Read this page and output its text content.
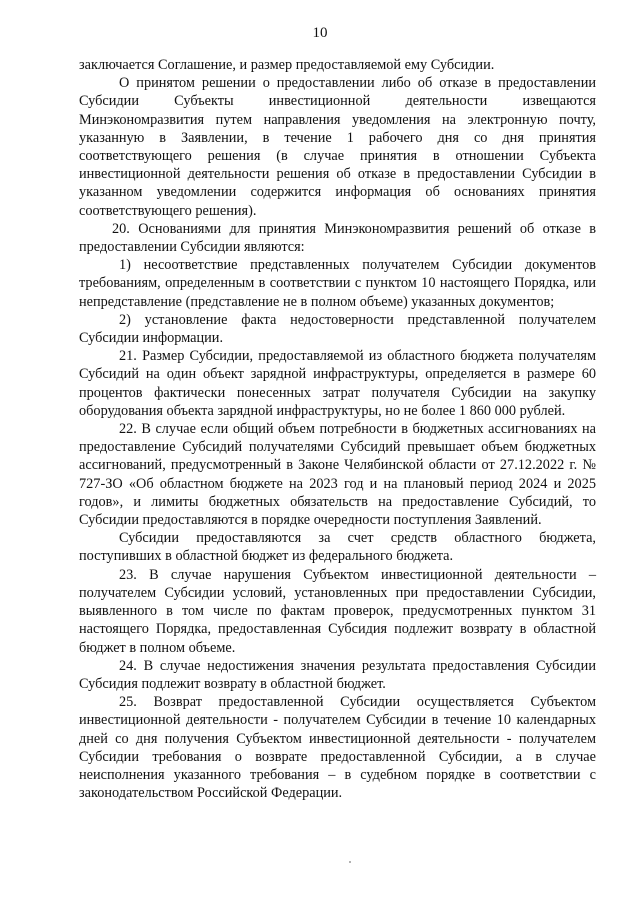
10

заключается Соглашение, и размер предоставляемой ему Субсидии.

О принятом решении о предоставлении либо об отказе в предоставлении Субсидии Субъекты инвестиционной деятельности извещаются Минэкономразвития путем направления уведомления на электронную почту, указанную в Заявлении, в течение 1 рабочего дня со дня принятия соответствующего решения (в случае принятия в отношении Субъекта инвестиционной деятельности решения об отказе в предоставлении Субсидии в указанном уведомлении содержится информация об основаниях принятия соответствующего решения).

20. Основаниями для принятия Минэкономразвития решений об отказе в предоставлении Субсидии являются:

1) несоответствие представленных получателем Субсидии документов требованиям, определенным в соответствии с пунктом 10 настоящего Порядка, или непредставление (представление не в полном объеме) указанных документов;

2) установление факта недостоверности представленной получателем Субсидии информации.

21. Размер Субсидии, предоставляемой из областного бюджета получателям Субсидий на один объект зарядной инфраструктуры, определяется в размере 60 процентов фактически понесенных затрат получателя Субсидии на закупку оборудования объекта зарядной инфраструктуры, но не более 1 860 000 рублей.

22. В случае если общий объем потребности в бюджетных ассигнованиях на предоставление Субсидий получателями Субсидий превышает объем бюджетных ассигнований, предусмотренный в Законе Челябинской области от 27.12.2022 г. № 727-ЗО «Об областном бюджете на 2023 год и на плановый период 2024 и 2025 годов», и лимиты бюджетных обязательств на предоставление Субсидий, то Субсидии предоставляются в порядке очередности поступления Заявлений.

Субсидии предоставляются за счет средств областного бюджета, поступивших в областной бюджет из федерального бюджета.

23. В случае нарушения Субъектом инвестиционной деятельности – получателем Субсидии условий, установленных при предоставлении Субсидии, выявленного в том числе по фактам проверок, предусмотренных пунктом 31 настоящего Порядка, предоставленная Субсидия подлежит возврату в областной бюджет в полном объеме.

24. В случае недостижения значения результата предоставления Субсидии Субсидия подлежит возврату в областной бюджет.

25. Возврат предоставленной Субсидии осуществляется Субъектом инвестиционной деятельности - получателем Субсидии в течение 10 календарных дней со дня получения Субъектом инвестиционной деятельности - получателем Субсидии требования о возврате предоставленной Субсидии, а в случае неисполнения указанного требования – в судебном порядке в соответствии с законодательством Российской Федерации.
